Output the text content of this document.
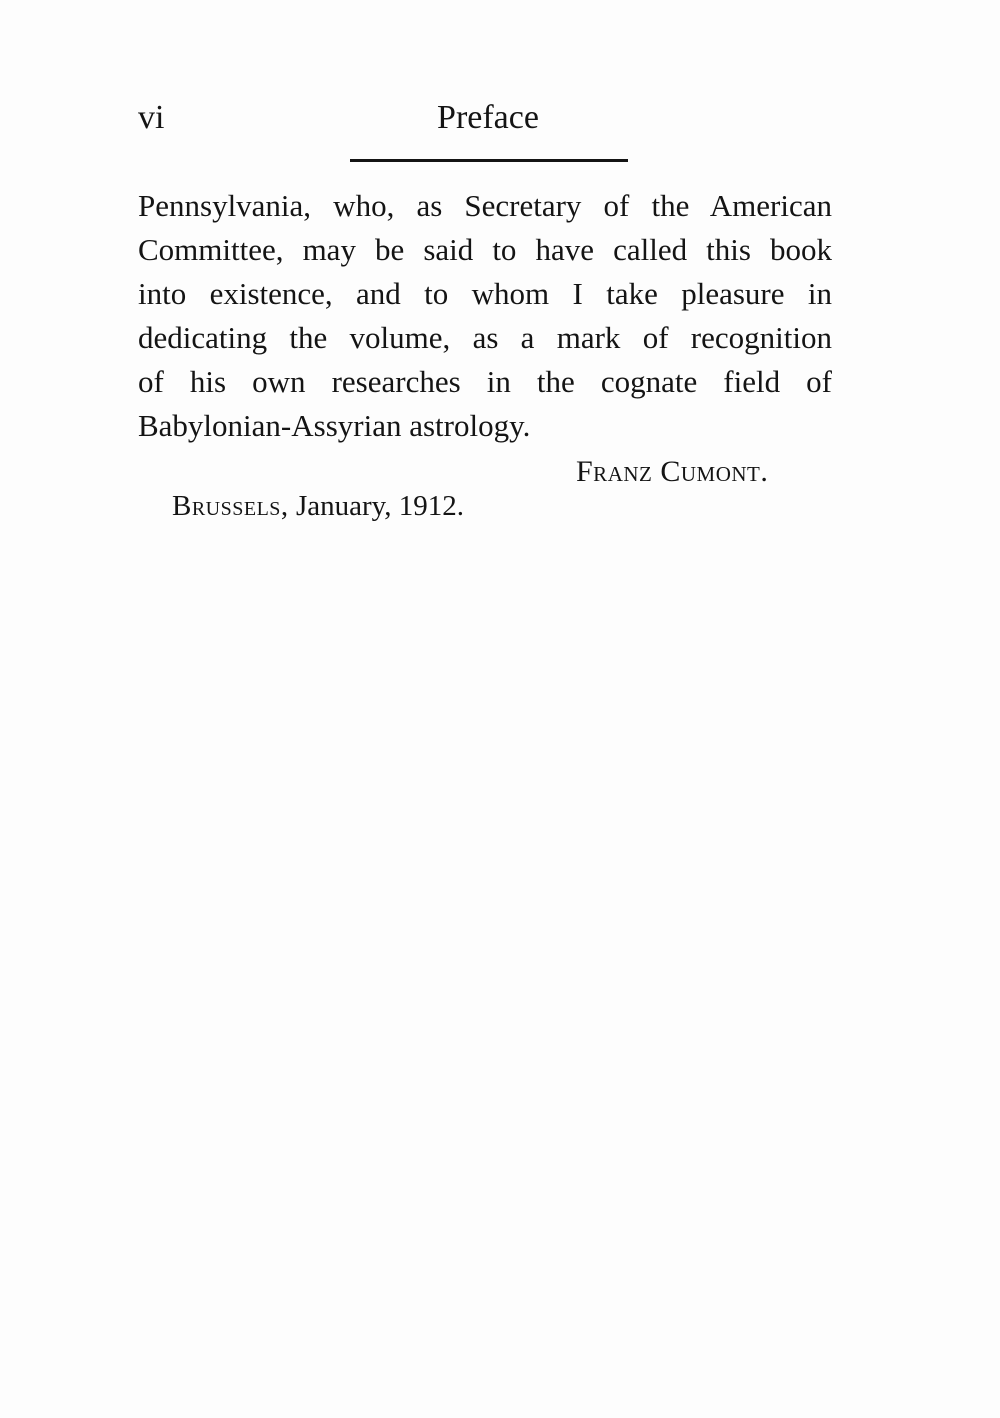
vi	Preface
Pennsylvania, who, as Secretary of the American
Committee, may be said to have called this book
into existence, and to whom I take pleasure in
dedicating the volume, as a mark of recognition
of his own researches in the cognate field of
Babylonian-Assyrian astrology.
Franz Cumont.
Brussels, January, 1912.
